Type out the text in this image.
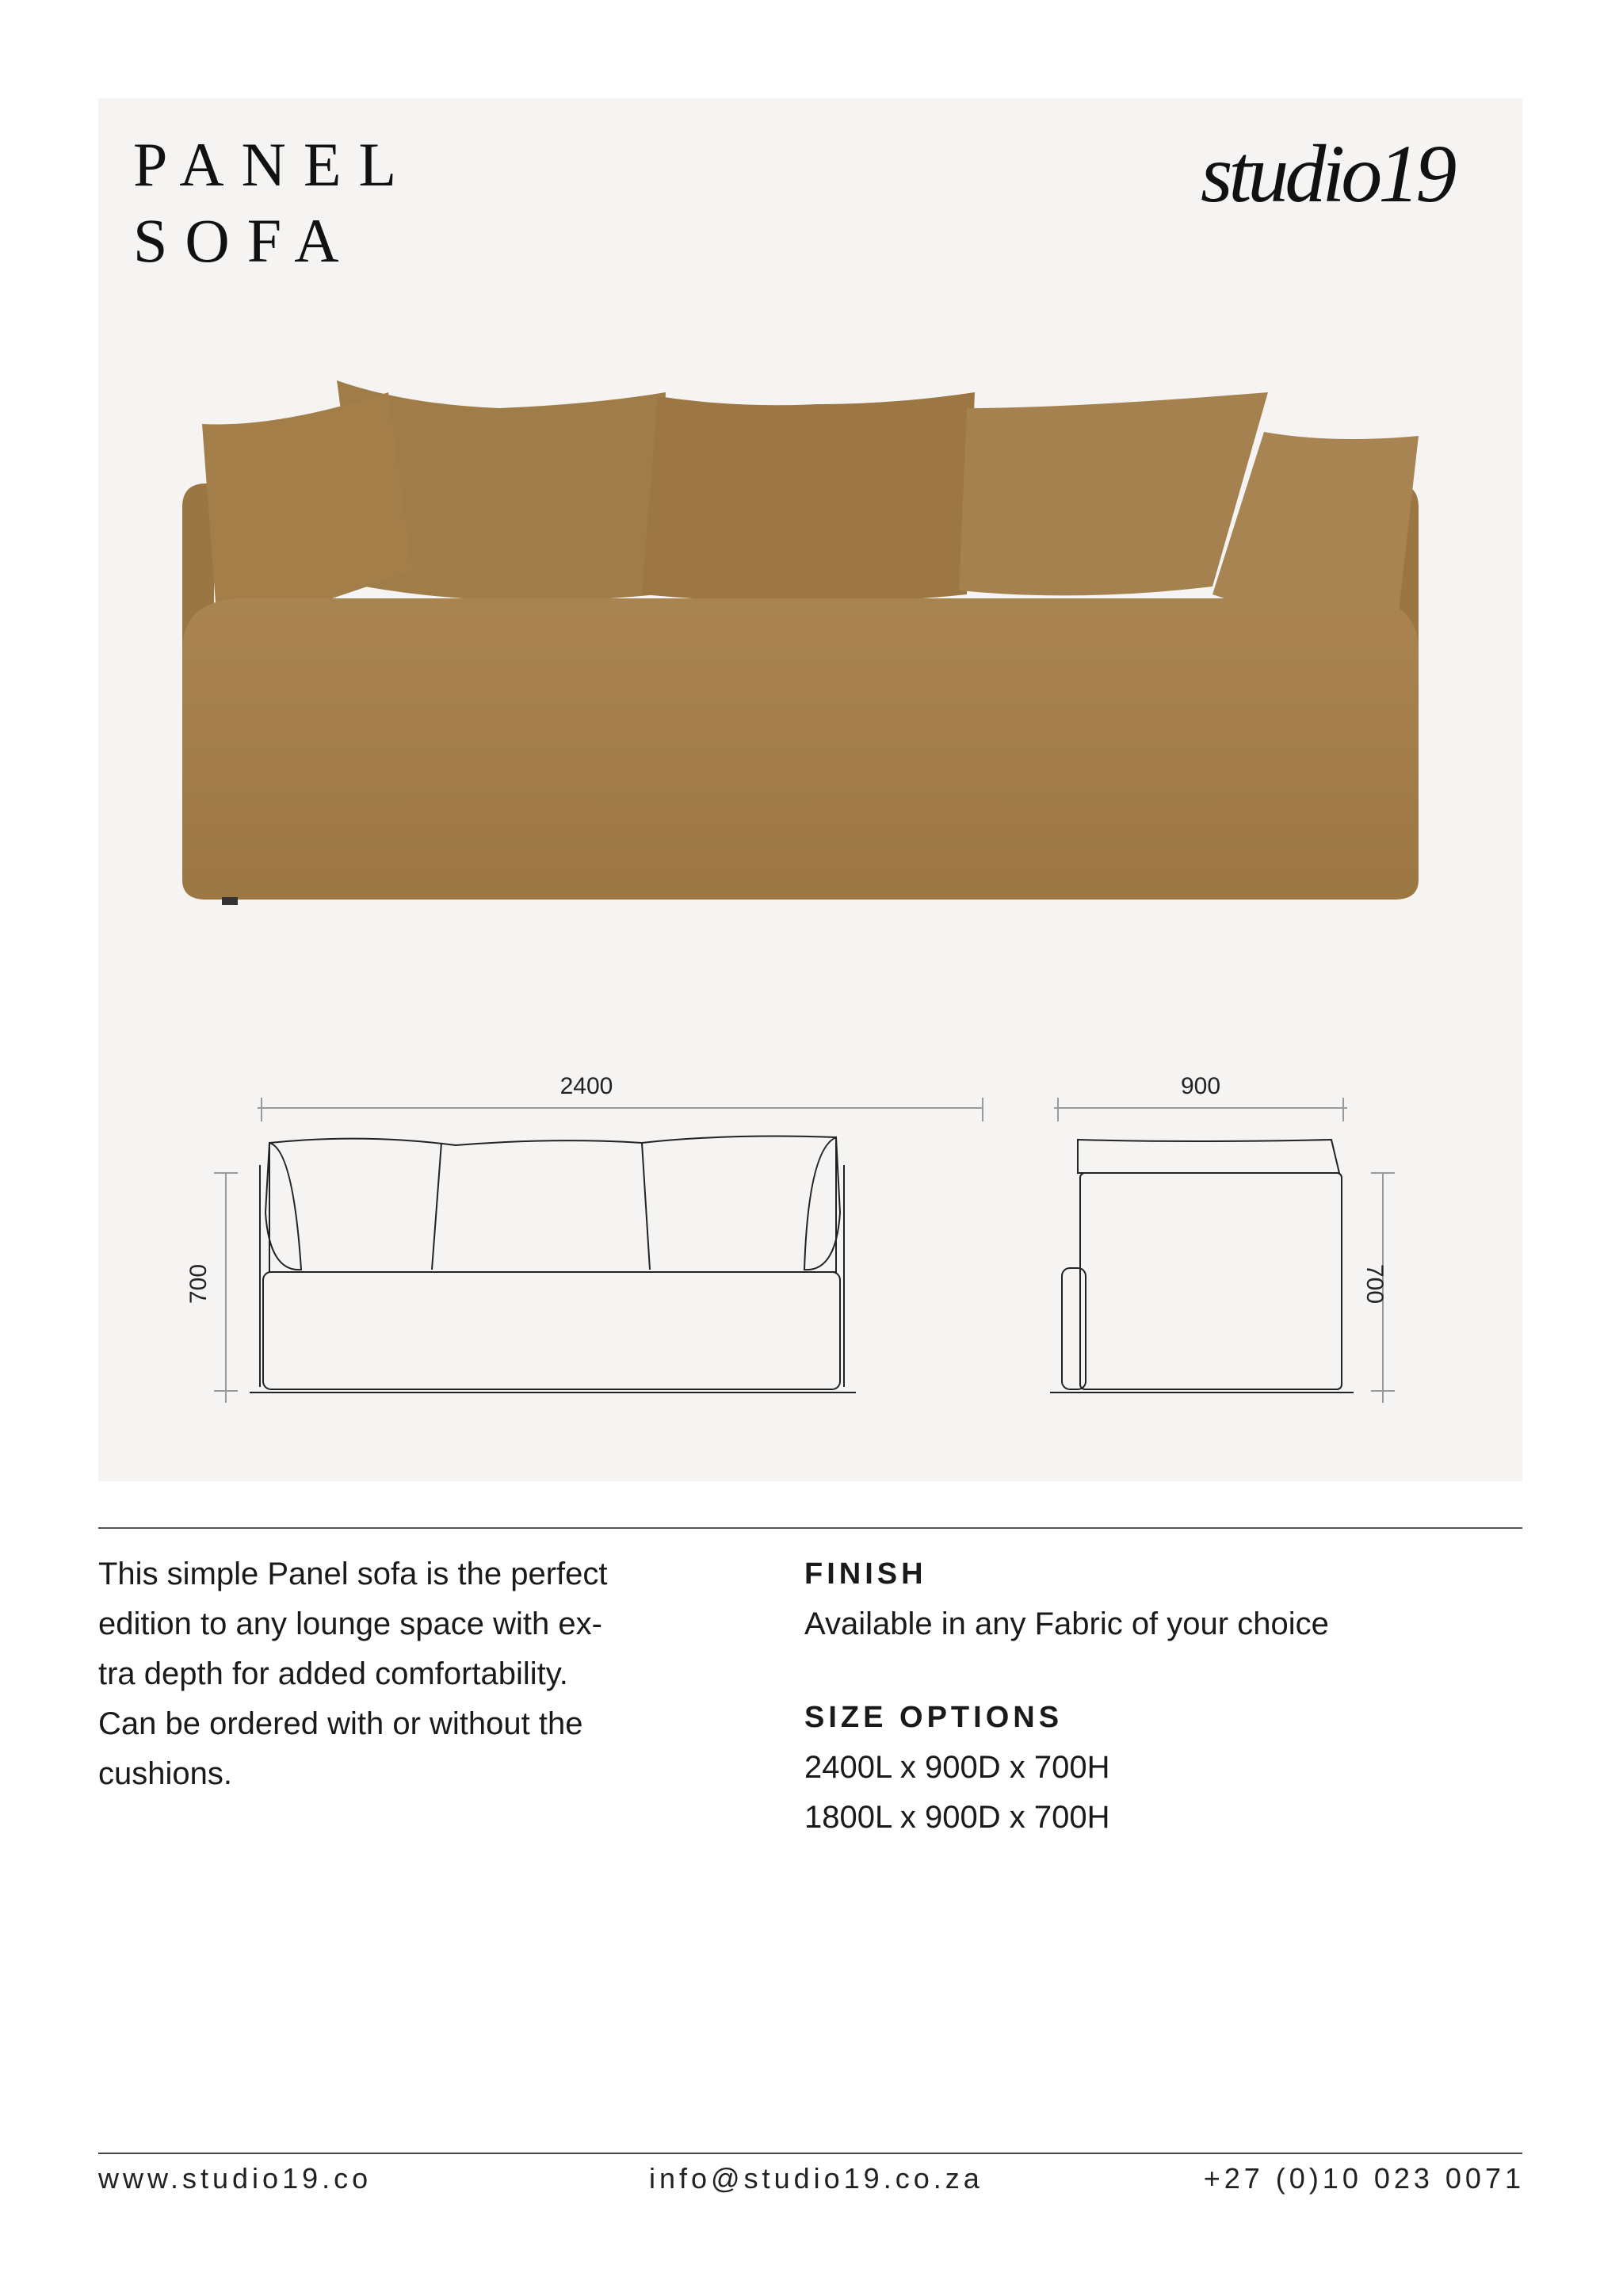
PANEL
SOFA
studio19
2400	900
700	700
This simple Panel sofa is the perfect
edition to any lounge space with ex-
tra depth for added comfortability.
Can be ordered with or without the
cushions.
FINISH
Available in any Fabric of your choice
SIZE OPTIONS
2400L x 900D x 700H
1800L x 900D x 700H
www.studio19.co	info@studio19.co.za	+27 (0)10 023 0071
